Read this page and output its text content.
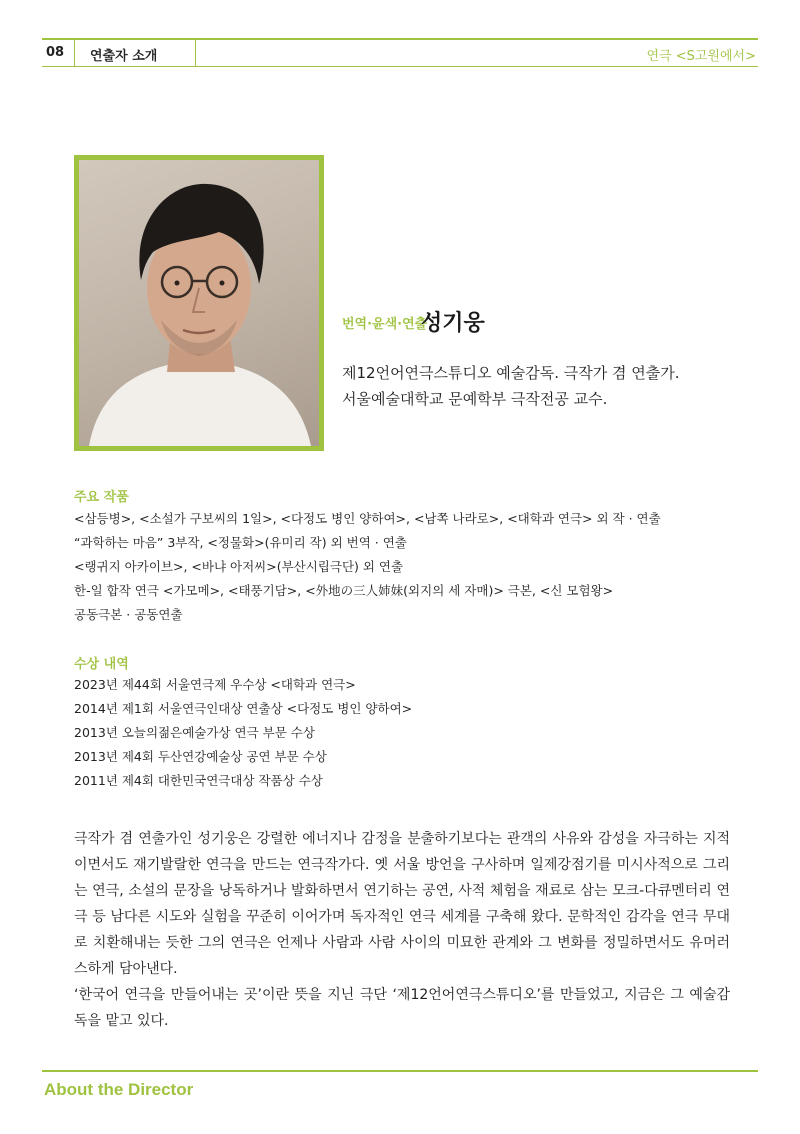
08 연출자 소개	연극 <S고원에서>
번역·윤색·연출
성기웅
제12언어연극스튜디오 예술감독. 극작가 겸 연출가.
서울예술대학교 문예학부 극작전공 교수.
주요 작품
<삼등병>, <소설가 구보씨의 1일>, <다정도 병인 양하여>, <남쪽 나라로>, <대학과 연극> 외 작 · 연출
“과학하는 마음” 3부작, <정물화>(유미리 작) 외 번역 · 연출
<랭귀지 아카이브>, <바냐 아저씨>(부산시립극단) 외 연출
한-일 합작 연극 <가모메>, <태풍기담>, <外地の三人姉妹(외지의 세 자매)> 극본, <신 모험왕>
공동극본 · 공동연출
수상 내역
2023년 제44회 서울연극제 우수상 <대학과 연극>
2014년 제1회 서울연극인대상 연출상 <다정도 병인 양하여>
2013년 오늘의젊은예술가상 연극 부문 수상
2013년 제4회 두산연강예술상 공연 부문 수상
2011년 제4회 대한민국연극대상 작품상 수상

극작가 겸 연출가인 성기웅은 강렬한 에너지나 감정을 분출하기보다는 관객의 사유와 감성을 자극하는 지적이면서도 재기발랄한 연극을 만드는 연극작가다. 옛 서울 방언을 구사하며 일제강점기를 미시사적으로 그리는 연극, 소설의 문장을 낭독하거나 발화하면서 연기하는 공연, 사적 체험을 재료로 삼는 모크-다큐멘터리 연극 등 남다른 시도와 실험을 꾸준히 이어가며 독자적인 연극 세계를 구축해 왔다. 문학적인 감각을 연극 무대로 치환해내는 듯한 그의 연극은 언제나 사람과 사람 사이의 미묘한 관계와 그 변화를 정밀하면서도 유머러스하게 담아낸다.

‘한국어 연극을 만들어내는 곳’이란 뜻을 지닌 극단 ‘제12언어연극스튜디오’를 만들었고, 지금은 그 예술감독을 맡고 있다.

About the Director
